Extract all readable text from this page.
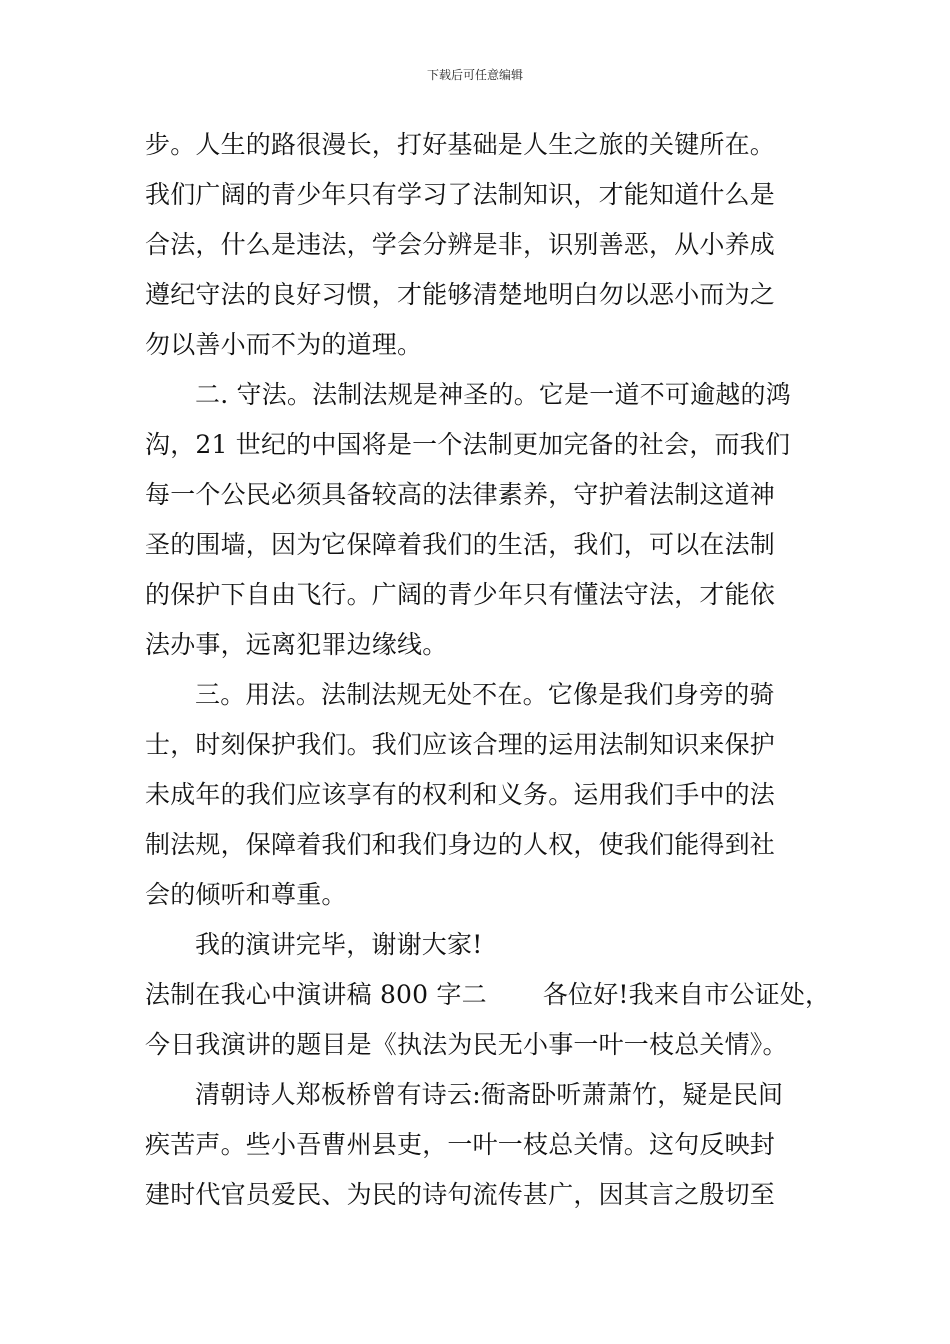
下载后可任意编辑
步。人生的路很漫长，打好基础是人生之旅的关键所在。
我们广阔的青少年只有学习了法制知识，才能知道什么是
合法，什么是违法，学会分辨是非，识别善恶，从小养成
遵纪守法的良好习惯，才能够清楚地明白勿以恶小而为之
勿以善小而不为的道理。
二. 守法。法制法规是神圣的。它是一道不可逾越的鸿
沟，21 世纪的中国将是一个法制更加完备的社会，而我们
每一个公民必须具备较高的法律素养，守护着法制这道神
圣的围墙，因为它保障着我们的生活，我们，可以在法制
的保护下自由飞行。广阔的青少年只有懂法守法，才能依
法办事，远离犯罪边缘线。
三。用法。法制法规无处不在。它像是我们身旁的骑
士，时刻保护我们。我们应该合理的运用法制知识来保护
未成年的我们应该享有的权利和义务。运用我们手中的法
制法规，保障着我们和我们身边的人权，使我们能得到社
会的倾听和尊重。
我的演讲完毕，谢谢大家!
法制在我心中演讲稿 800 字二 各位好!我来自市公证处，
今日我演讲的题目是《执法为民无小事一叶一枝总关情》。
清朝诗人郑板桥曾有诗云:衙斋卧听萧萧竹，疑是民间
疾苦声。些小吾曹州县吏，一叶一枝总关情。这句反映封
建时代官员爱民、为民的诗句流传甚广，因其言之殷切至
